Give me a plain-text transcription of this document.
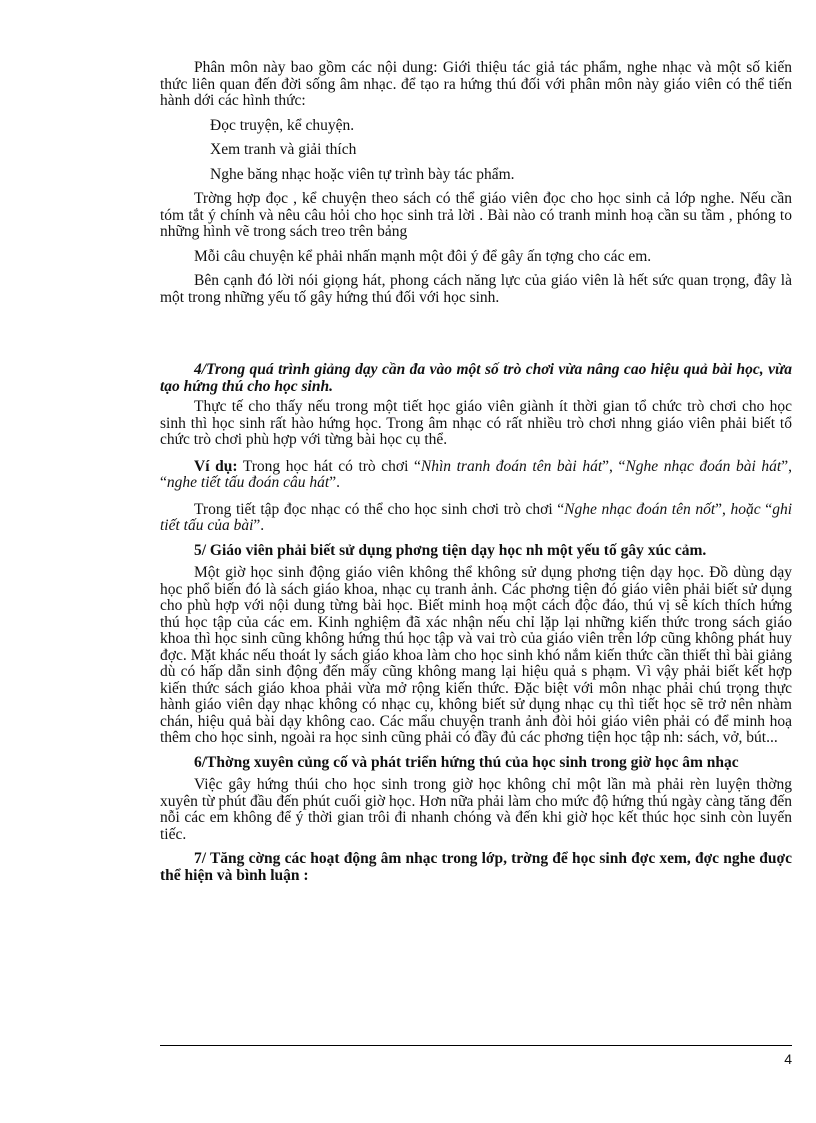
Phân môn này bao gồm các nội dung: Giới thiệu tác giả tác phẩm, nghe nhạc và một số kiến thức liên quan đến đời sống âm nhạc. để tạo ra hứng thú đối với phân môn này giáo viên có thể tiến hành dới các hình thức:

Đọc truyện, kể chuyện.

Xem tranh và giải thích

Nghe băng nhạc hoặc viên tự trình bày tác phẩm.

Trờng hợp đọc , kể chuyện theo sách có thể giáo viên đọc cho học sinh cả lớp nghe. Nếu cần tóm tắt ý chính và nêu câu hỏi cho học sinh trả lời . Bài nào có tranh minh hoạ cần su tầm , phóng to những hình vẽ trong sách treo trên bảng

Mỗi câu chuyện kể phải nhấn mạnh một đôi ý để gây ấn tợng cho các em.

Bên cạnh đó lời nói giọng hát, phong cách năng lực của giáo viên là hết sức quan trọng, đây là một trong những yếu tố gây hứng thú đối với học sinh.

4/Trong quá trình giảng dạy cần đa vào một số trò chơi vừa nâng cao hiệu quả bài học, vừa tạo hứng thú cho học sinh.

Thực tế cho thấy nếu trong một tiết học giáo viên giành ít thời gian tổ chức trò chơi cho học sinh thì học sinh rất hào hứng học. Trong âm nhạc có rất nhiều trò chơi nhng giáo viên phải biết tổ chức trò chơi phù hợp với từng bài học cụ thể.

Ví dụ: Trong học hát có trò chơi “Nhìn tranh đoán tên bài hát”, “Nghe nhạc đoán bài hát”, “nghe tiết tấu đoán câu hát”.

Trong tiết tập đọc nhạc có thể cho học sinh chơi trò chơi “Nghe nhạc đoán tên nốt”, hoặc “ghi tiết tấu của bài”.

5/ Giáo viên phải biết sử dụng phơng tiện dạy học nh một yếu tố gây xúc cảm.

Một giờ học sinh động giáo viên không thể không sử dụng phơng tiện dạy học. Đồ dùng dạy học phổ biến đó là sách giáo khoa, nhạc cụ tranh ảnh. Các phơng tiện đó giáo viên phải biết sử dụng cho phù hợp với nội dung từng bài học. Biết minh hoạ một cách độc đáo, thú vị sẽ kích thích hứng thú học tập của các em. Kinh nghiệm đã xác nhận nếu chỉ lặp lại những kiến thức trong sách giáo khoa thì học sinh cũng không hứng thú học tập và vai trò của giáo viên trên lớp cũng không phát huy đợc. Mặt khác nếu thoát ly sách giáo khoa làm cho học sinh khó nắm kiến thức cần thiết thì bài giảng dù có hấp dẫn sinh động đến mấy cũng không mang lại hiệu quả s phạm. Vì vậy phải biết kết hợp kiến thức sách giáo khoa phải vừa mở rộng kiến thức. Đặc biệt với môn nhạc phải chú trọng thực hành giáo viên dạy nhạc không có nhạc cụ, không biết sử dụng nhạc cụ thì tiết học sẽ trở nên nhàm chán, hiệu quả bài dạy không cao. Các mẩu chuyện tranh ảnh đòi hỏi giáo viên phải có để minh hoạ thêm cho học sinh, ngoài ra học sinh cũng phải có đầy đủ các phơng tiện học tập nh: sách, vở, bút...

6/Thờng xuyên củng cố và phát triển hứng thú của học sinh trong giờ học âm nhạc

Việc gây hứng thúi cho học sinh trong giờ học không chỉ một lần mà phải rèn luyện thờng xuyên từ phút đầu đến phút cuối giờ học. Hơn nữa phải làm cho mức độ hứng thú ngày càng tăng đến nỗi các em không để ý thời gian trôi đi nhanh chóng và đến khi giờ học kết thúc học sinh còn luyến tiếc.

7/ Tăng cờng các hoạt động âm nhạc trong lớp, trờng để học sinh đợc xem, đợc nghe đuợc thể hiện và bình luận :

4
